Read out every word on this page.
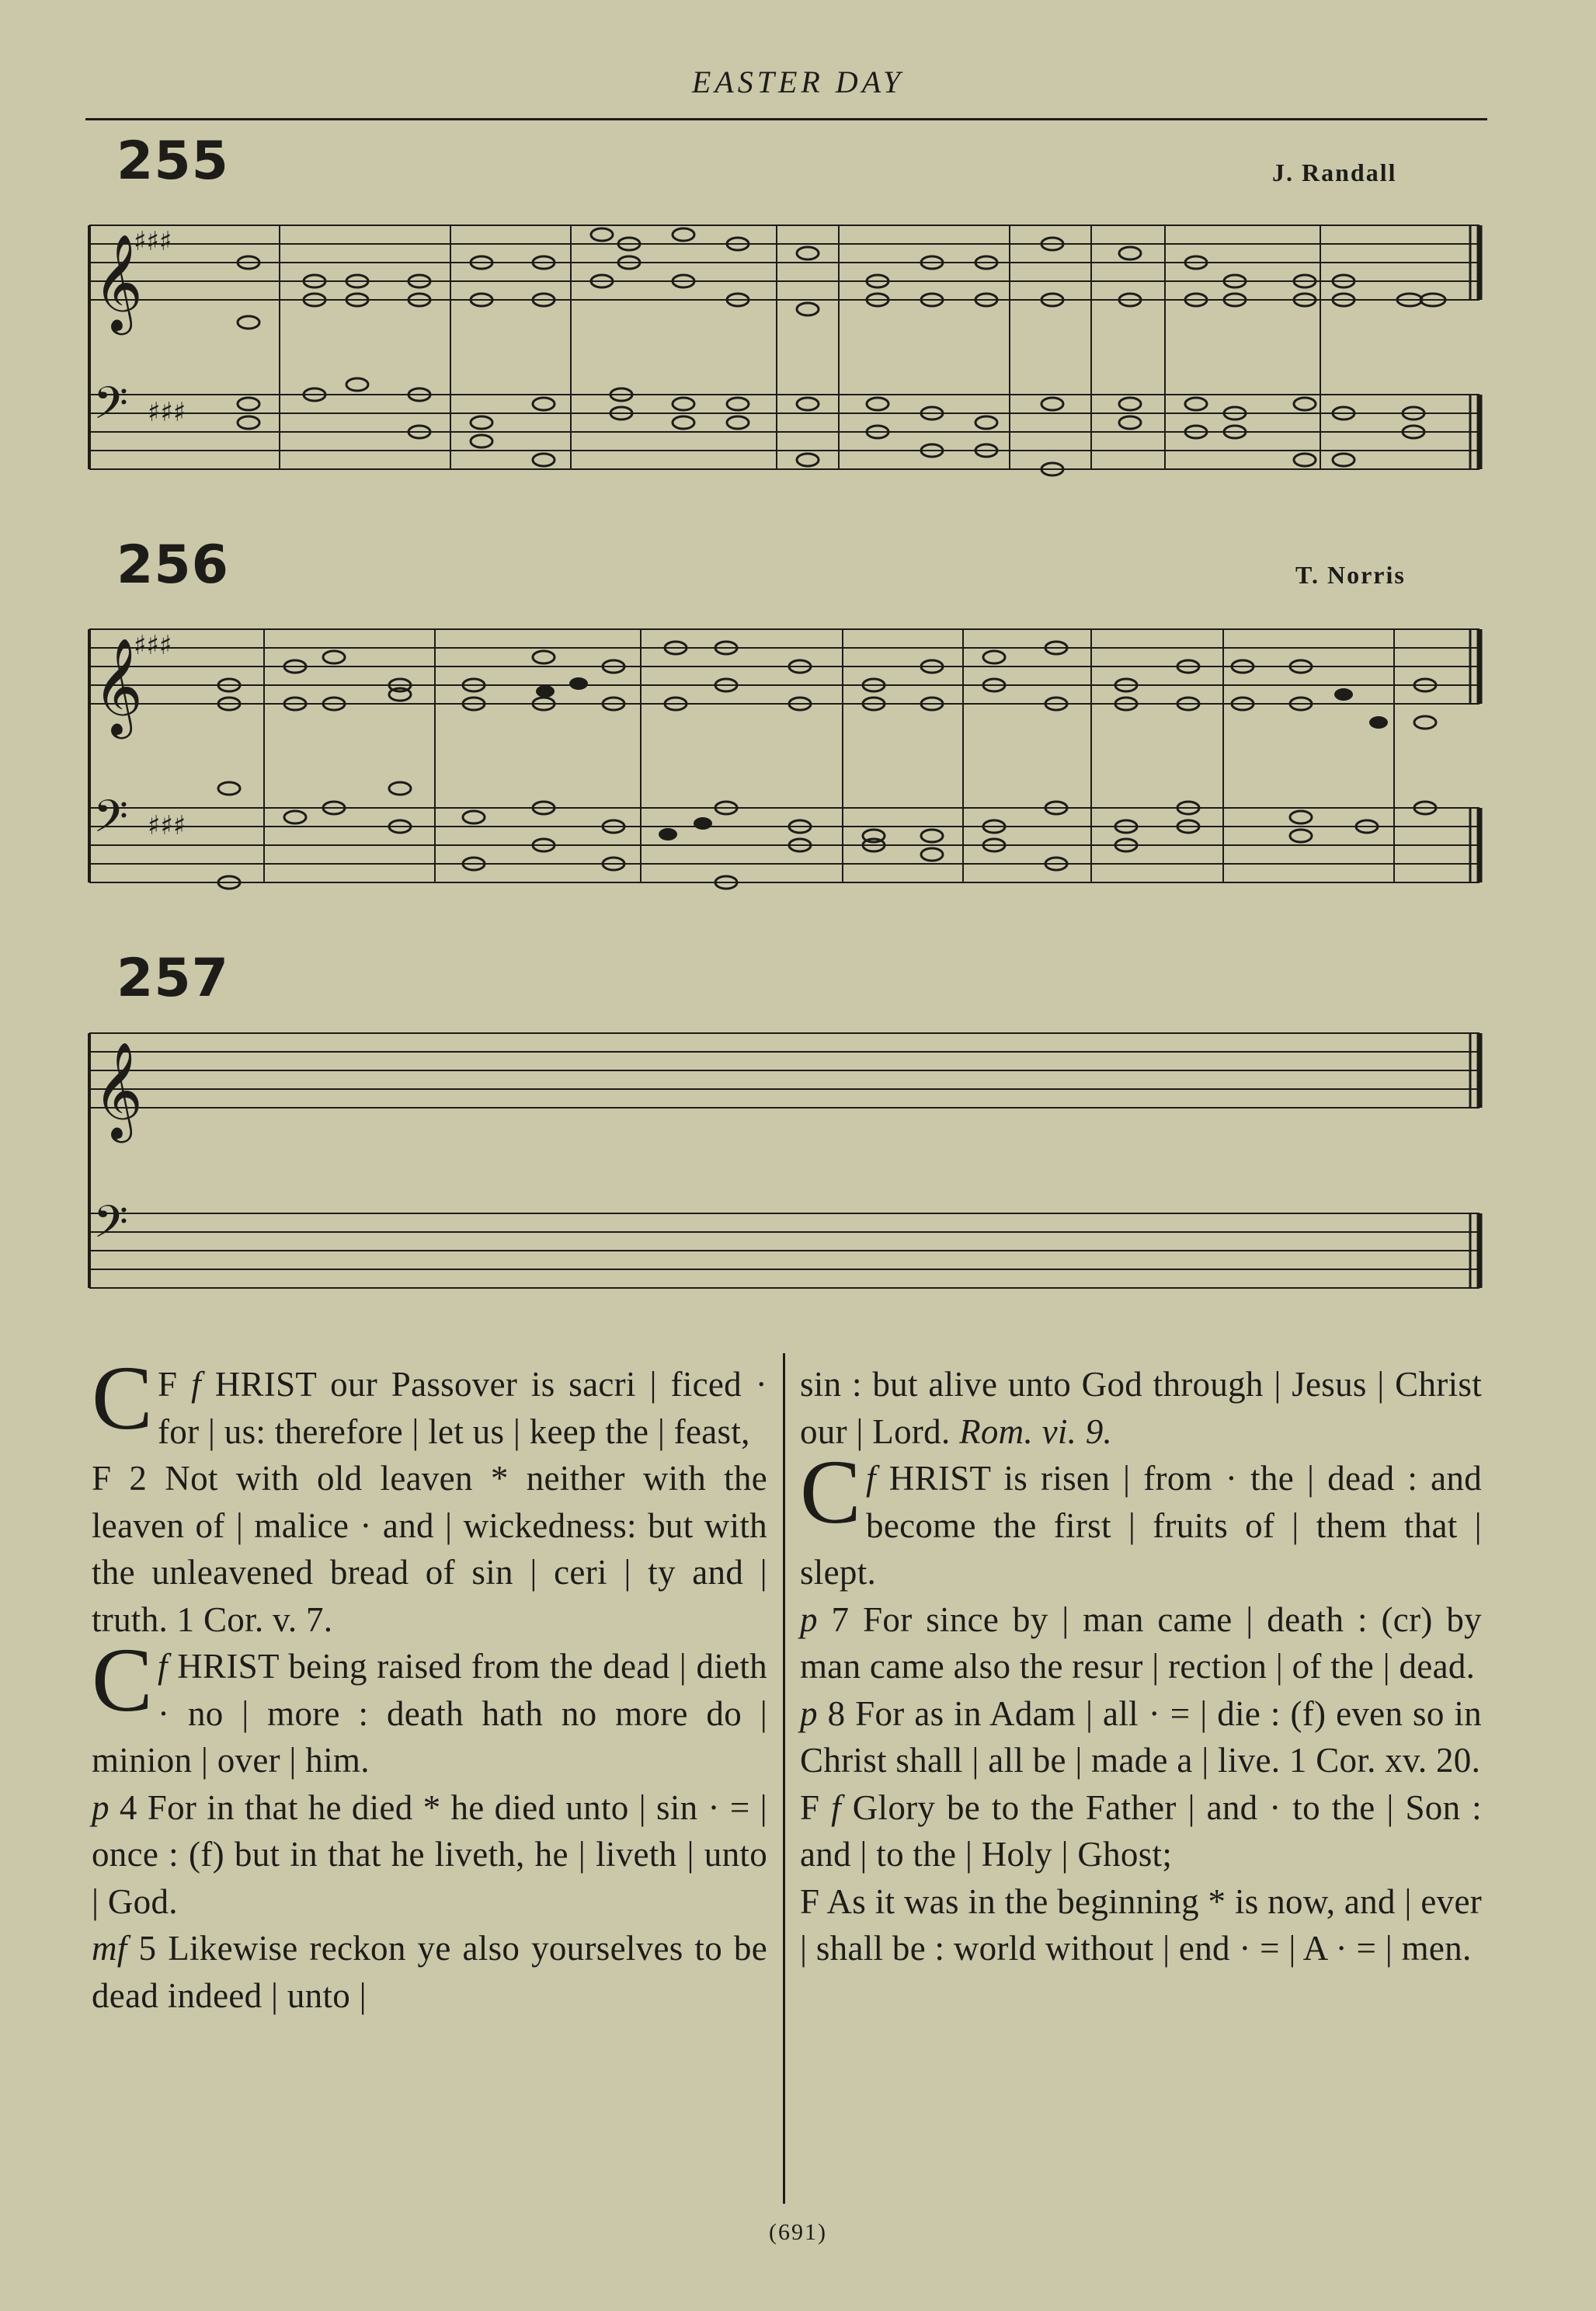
EASTER DAY
255	J. Randall
𝄞
𝄢
♯♯♯
♯♯♯
256	T. Norris
𝄞
𝄢
♯♯♯
♯♯♯
257
𝄞
𝄢

C F f HRIST our Passover is sacri | ficed · for | us: therefore | let us | keep the | feast,

F 2 Not with old leaven * neither with the leaven of | malice · and | wickedness: but with the unleavened bread of sin | ceri | ty and | truth. 1 Cor. v. 7.

f
C HRIST being raised from the dead | dieth · no | more : death hath no more do | minion | over | him.

p 4 For in that he died * he died unto | sin · = | once : (f) but in that he liveth, he | liveth | unto | God.

mf 5 Likewise reckon ye also yourselves to be dead indeed | unto |

sin : but alive unto God through | Jesus | Christ our | Lord. Rom. vi. 9.

f
C HRIST is risen | from · the | dead : and become the first | fruits of | them that | slept.

p 7 For since by | man came | death : (cr) by man came also the resur | rection | of the | dead.

p 8 For as in Adam | all · = | die : (f) even so in Christ shall | all be | made a | live. 1 Cor. xv. 20.

F f Glory be to the Father | and · to the | Son : and | to the | Holy | Ghost;

F As it was in the beginning * is now, and | ever | shall be : world without | end · = | A · = | men.

(691)
